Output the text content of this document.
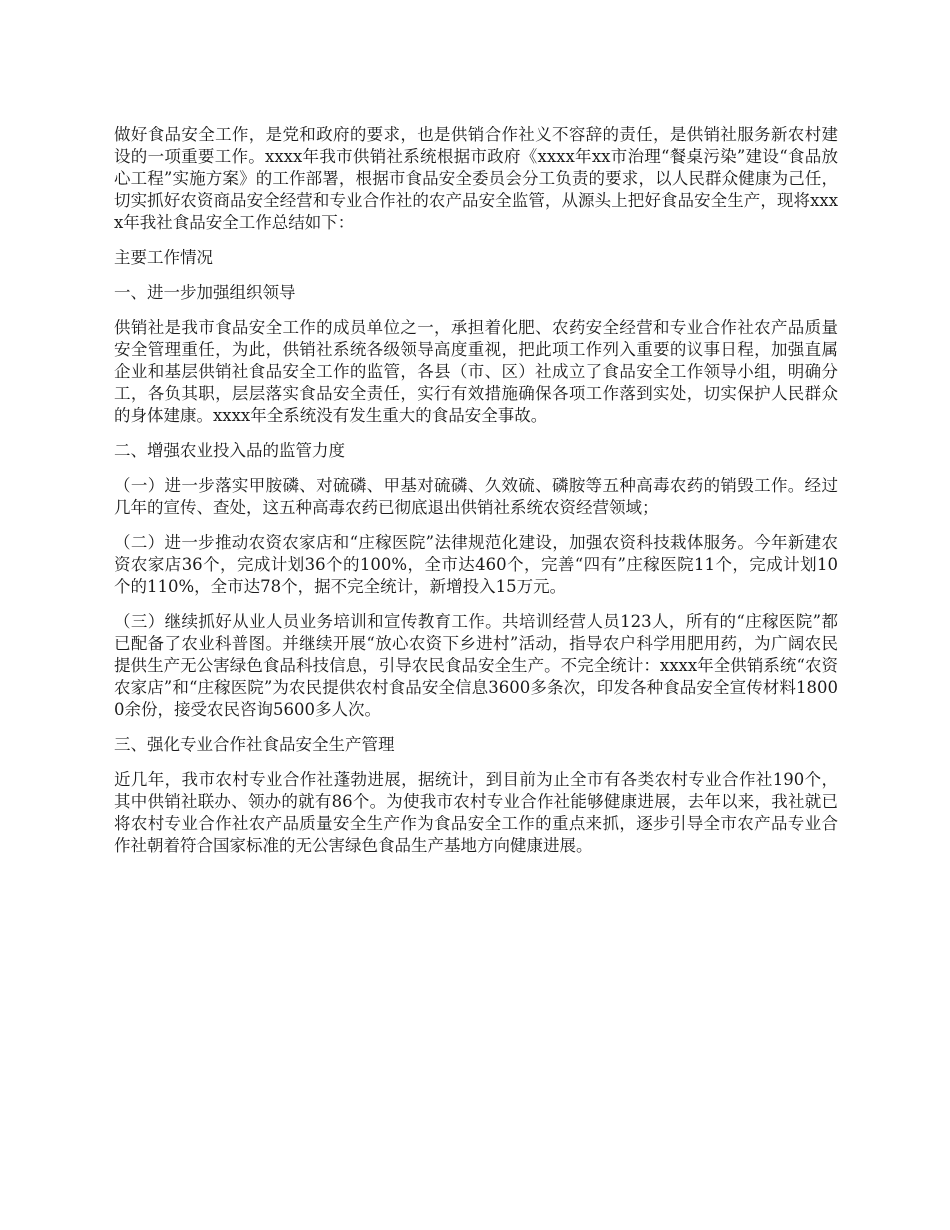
做好食品安全工作，是党和政府的要求，也是供销合作社义不容辞的责任，是供销社服务新农村建设的一项重要工作。xxxx年我市供销社系统根据市政府《xxxx年xx市治理“餐桌污染”建设“食品放心工程”实施方案》的工作部署，根据市食品安全委员会分工负责的要求，以人民群众健康为己任，切实抓好农资商品安全经营和专业合作社的农产品安全监管，从源头上把好食品安全生产，现将xxxx年我社食品安全工作总结如下：

主要工作情况

一、进一步加强组织领导

供销社是我市食品安全工作的成员单位之一，承担着化肥、农药安全经营和专业合作社农产品质量安全管理重任，为此，供销社系统各级领导高度重视，把此项工作列入重要的议事日程，加强直属企业和基层供销社食品安全工作的监管，各县（市、区）社成立了食品安全工作领导小组，明确分工，各负其职，层层落实食品安全责任，实行有效措施确保各项工作落到实处，切实保护人民群众的身体建康。xxxx年全系统没有发生重大的食品安全事故。

二、增强农业投入品的监管力度

（一）进一步落实甲胺磷、对硫磷、甲基对硫磷、久效硫、磷胺等五种高毒农药的销毁工作。经过几年的宣传、查处，这五种高毒农药已彻底退出供销社系统农资经营领域；

（二）进一步推动农资农家店和“庄稼医院”法律规范化建设，加强农资科技栽体服务。今年新建农资农家店36个，完成计划36个的100%，全市达460个，完善“四有”庄稼医院11个，完成计划10个的110%，全市达78个，据不完全统计，新增投入15万元。

（三）继续抓好从业人员业务培训和宣传教育工作。共培训经营人员123人，所有的“庄稼医院”都已配备了农业科普图。并继续开展“放心农资下乡进村”活动，指导农户科学用肥用药，为广阔农民提供生产无公害绿色食品科技信息，引导农民食品安全生产。不完全统计：xxxx年全供销系统“农资农家店”和“庄稼医院”为农民提供农村食品安全信息3600多条次，印发各种食品安全宣传材料18000余份，接受农民咨询5600多人次。

三、强化专业合作社食品安全生产管理

近几年，我市农村专业合作社蓬勃进展，据统计，到目前为止全市有各类农村专业合作社190个，其中供销社联办、领办的就有86个。为使我市农村专业合作社能够健康进展，去年以来，我社就已将农村专业合作社农产品质量安全生产作为食品安全工作的重点来抓，逐步引导全市农产品专业合作社朝着符合国家标准的无公害绿色食品生产基地方向健康进展。
